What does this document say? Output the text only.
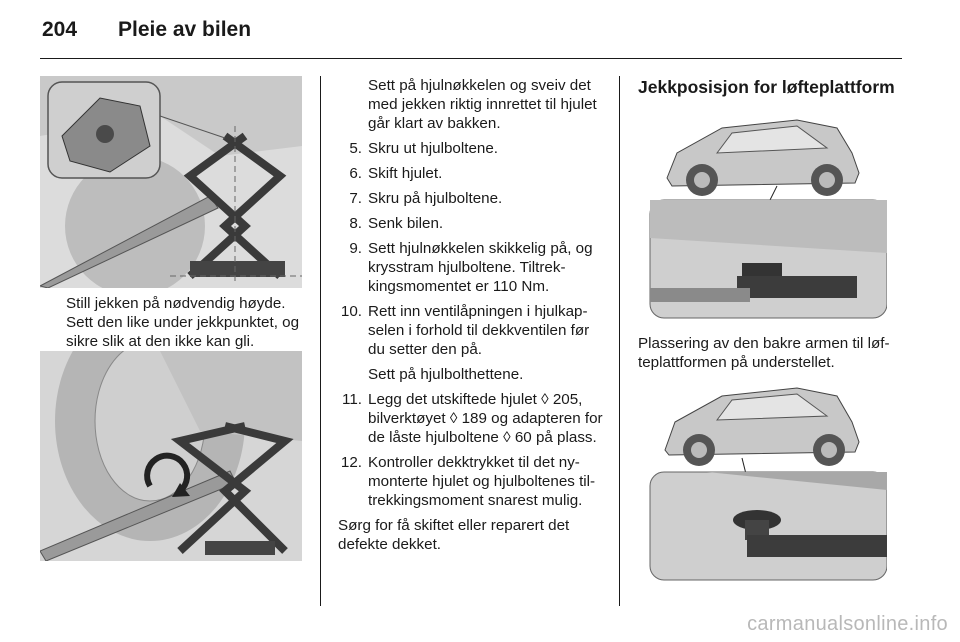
204	Pleie av bilen
Still jekken på nødvendig høyde. Sett den like under jekkpunktet, og sikre slik at den ikke kan gli.
Sett på hjulnøkkelen og sveiv det med jekken riktig innrettet til hjulet går klart av bakken.
5. Skru ut hjulboltene.
6. Skift hjulet.
7. Skru på hjulboltene.
8. Senk bilen.
9. Sett hjulnøkkelen skikkelig på, og krysstram hjulboltene. Tiltrek-kingsmomentet er 110 Nm.
10. Rett inn ventilåpningen i hjulkap-selen i forhold til dekkventilen før du setter den på.
Sett på hjulbolthettene.
11. Legg det utskiftede hjulet ◊ 205, bilverktøyet ◊ 189 og adapteren for de låste hjulboltene ◊ 60 på plass.
12. Kontroller dekktrykket til det ny-monterte hjulet og hjulboltenes til-trekkingsmoment snarest mulig.
Sørg for få skiftet eller reparert det defekte dekket.
Jekkposisjon for løfteplattform
Plassering av den bakre armen til løf-teplattformen på understellet.
carmanualsonline.info
